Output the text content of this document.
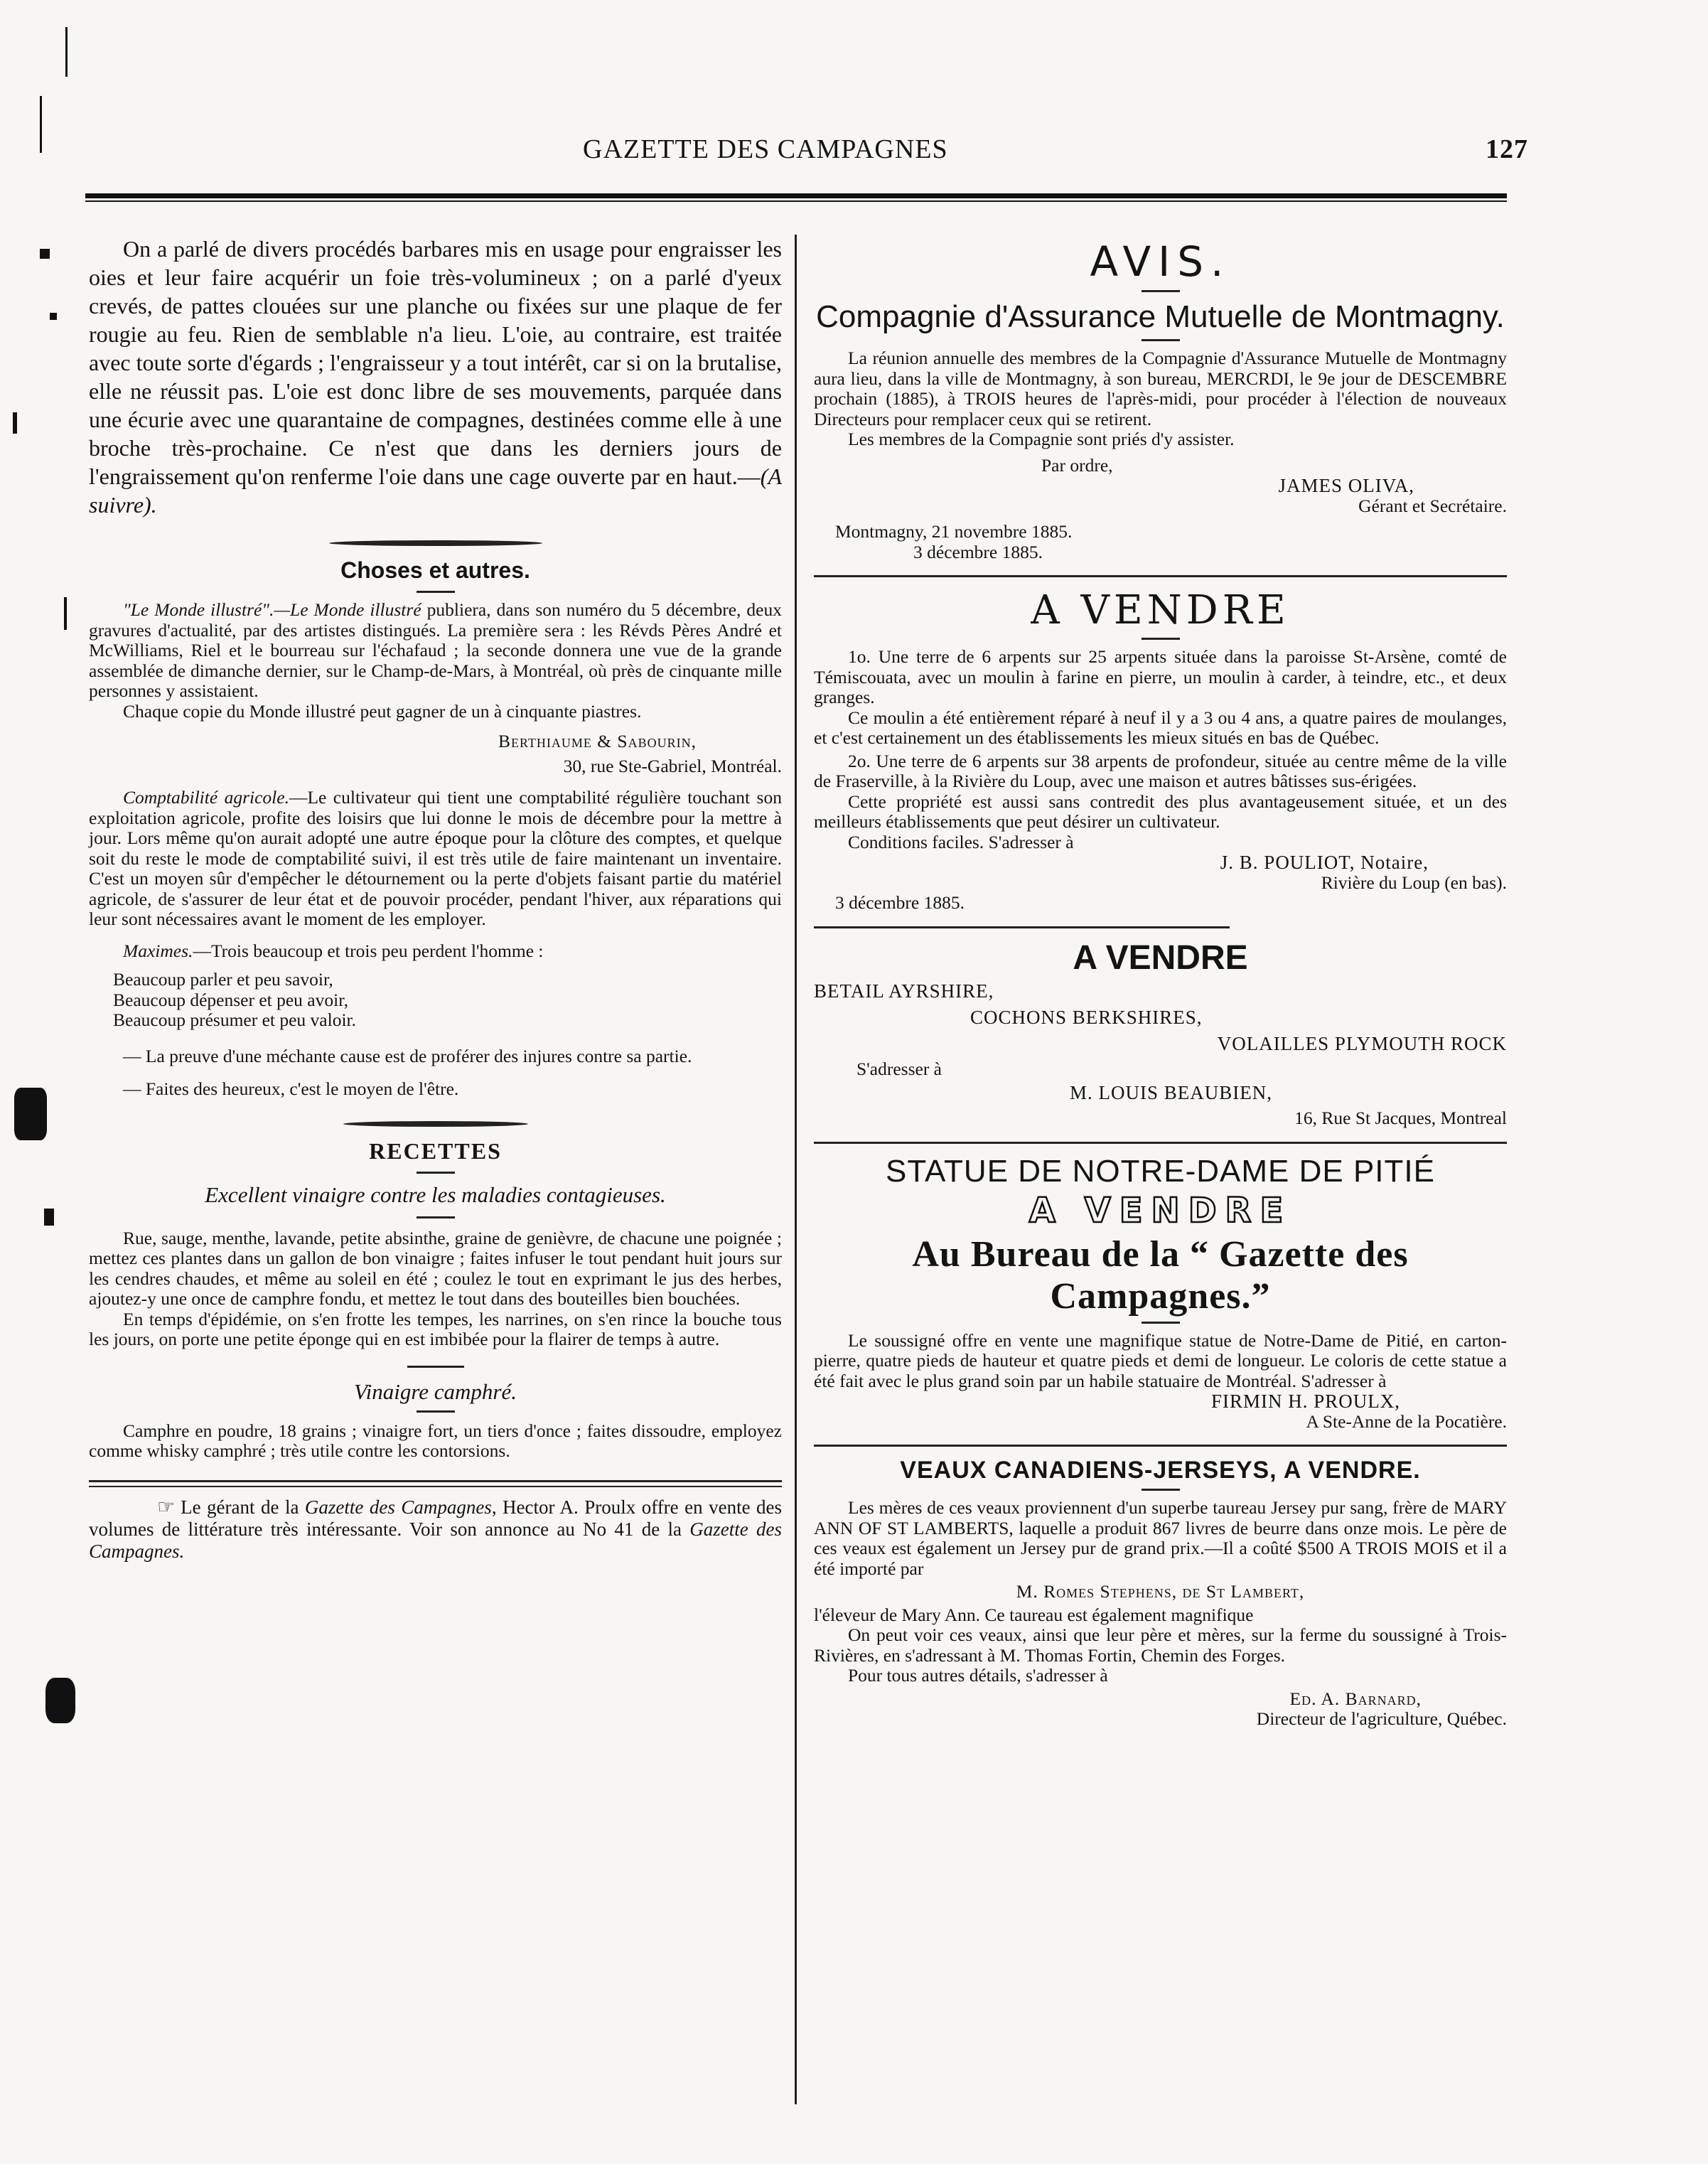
GAZETTE DES CAMPAGNES	127

On a parlé de divers procédés barbares mis en usage pour engraisser les oies et leur faire acquérir un foie très-volumineux ; on a parlé d'yeux crevés, de pattes clouées sur une planche ou fixées sur une plaque de fer rougie au feu. Rien de semblable n'a lieu. L'oie, au contraire, est traitée avec toute sorte d'égards ; l'engraisseur y a tout intérêt, car si on la brutalise, elle ne réussit pas. L'oie est donc libre de ses mouvements, parquée dans une écurie avec une quarantaine de compagnes, destinées comme elle à une broche très-prochaine. Ce n'est que dans les derniers jours de l'engraissement qu'on renferme l'oie dans une cage ouverte par en haut.—(A suivre).

Choses et autres.

"Le Monde illustré".—Le Monde illustré publiera, dans son numéro du 5 décembre, deux gravures d'actualité, par des artistes distingués. La première sera : les Révds Pères André et McWilliams, Riel et le bourreau sur l'échafaud ; la seconde donnera une vue de la grande assemblée de dimanche dernier, sur le Champ-de-Mars, à Montréal, où près de cinquante mille personnes y assistaient.

Chaque copie du Monde illustré peut gagner de un à cinquante piastres.

Berthiaume & Sabourin,

30, rue Ste-Gabriel, Montréal.

Comptabilité agricole.—Le cultivateur qui tient une comptabilité régulière touchant son exploitation agricole, profite des loisirs que lui donne le mois de décembre pour la mettre à jour. Lors même qu'on aurait adopté une autre époque pour la clôture des comptes, et quelque soit du reste le mode de comptabilité suivi, il est très utile de faire maintenant un inventaire. C'est un moyen sûr d'empêcher le détournement ou la perte d'objets faisant partie du matériel agricole, de s'assurer de leur état et de pouvoir procéder, pendant l'hiver, aux réparations qui leur sont nécessaires avant le moment de les employer.

Maximes.—Trois beaucoup et trois peu perdent l'homme :

Beaucoup parler et peu savoir,

Beaucoup dépenser et peu avoir,

Beaucoup présumer et peu valoir.

— La preuve d'une méchante cause est de proférer des injures contre sa partie.

— Faites des heureux, c'est le moyen de l'être.

RECETTES

Excellent vinaigre contre les maladies contagieuses.

Rue, sauge, menthe, lavande, petite absinthe, graine de genièvre, de chacune une poignée ; mettez ces plantes dans un gallon de bon vinaigre ; faites infuser le tout pendant huit jours sur les cendres chaudes, et même au soleil en été ; coulez le tout en exprimant le jus des herbes, ajoutez-y une once de camphre fondu, et mettez le tout dans des bouteilles bien bouchées.

En temps d'épidémie, on s'en frotte les tempes, les narrines, on s'en rince la bouche tous les jours, on porte une petite éponge qui en est imbibée pour la flairer de temps à autre.

Vinaigre camphré.

Camphre en poudre, 18 grains ; vinaigre fort, un tiers d'once ; faites dissoudre, employez comme whisky camphré ; très utile contre les contorsions.

☞ Le gérant de la Gazette des Campagnes, Hector A. Proulx offre en vente des volumes de littérature très intéressante. Voir son annonce au No 41 de la Gazette des Campagnes.

AVIS.
Compagnie d'Assurance Mutuelle de Montmagny.

La réunion annuelle des membres de la Compagnie d'Assurance Mutuelle de Montmagny aura lieu, dans la ville de Montmagny, à son bureau, MERCRDI, le 9e jour de DESCEMBRE prochain (1885), à TROIS heures de l'après-midi, pour procéder à l'élection de nouveaux Directeurs pour remplacer ceux qui se retirent.

Les membres de la Compagnie sont priés d'y assister.

Par ordre,

JAMES OLIVA,

Gérant et Secrétaire.

Montmagny, 21 novembre 1885.

3 décembre 1885.

A VENDRE

1o. Une terre de 6 arpents sur 25 arpents située dans la paroisse St-Arsène, comté de Témiscouata, avec un moulin à farine en pierre, un moulin à carder, à teindre, etc., et deux granges.

Ce moulin a été entièrement réparé à neuf il y a 3 ou 4 ans, a quatre paires de moulanges, et c'est certainement un des établissements les mieux situés en bas de Québec.

2o. Une terre de 6 arpents sur 38 arpents de profondeur, située au centre même de la ville de Fraserville, à la Rivière du Loup, avec une maison et autres bâtisses sus-érigées.

Cette propriété est aussi sans contredit des plus avantageusement située, et un des meilleurs établissements que peut désirer un cultivateur.

Conditions faciles. S'adresser à

J. B. POULIOT, Notaire,

Rivière du Loup (en bas).

3 décembre 1885.

A VENDRE

BETAIL AYRSHIRE,

COCHONS BERKSHIRES,

VOLAILLES PLYMOUTH ROCK

S'adresser à

M. LOUIS BEAUBIEN,

16, Rue St Jacques, Montreal

STATUE DE NOTRE-DAME DE PITIÉ
A VENDRE
Au Bureau de la “ Gazette des Campagnes.”

Le soussigné offre en vente une magnifique statue de Notre-Dame de Pitié, en carton-pierre, quatre pieds de hauteur et quatre pieds et demi de longueur. Le coloris de cette statue a été fait avec le plus grand soin par un habile statuaire de Montréal. S'adresser à

FIRMIN H. PROULX,

A Ste-Anne de la Pocatière.

VEAUX CANADIENS-JERSEYS, A VENDRE.

Les mères de ces veaux proviennent d'un superbe taureau Jersey pur sang, frère de MARY ANN OF ST LAMBERTS, laquelle a produit 867 livres de beurre dans onze mois. Le père de ces veaux est également un Jersey pur de grand prix.—Il a coûté $500 A TROIS MOIS et il a été importé par

M. Romes Stephens, de St Lambert,

l'éleveur de Mary Ann. Ce taureau est également magnifique

On peut voir ces veaux, ainsi que leur père et mères, sur la ferme du soussigné à Trois-Rivières, en s'adressant à M. Thomas Fortin, Chemin des Forges.

Pour tous autres détails, s'adresser à

Ed. A. Barnard,

Directeur de l'agriculture, Québec.
